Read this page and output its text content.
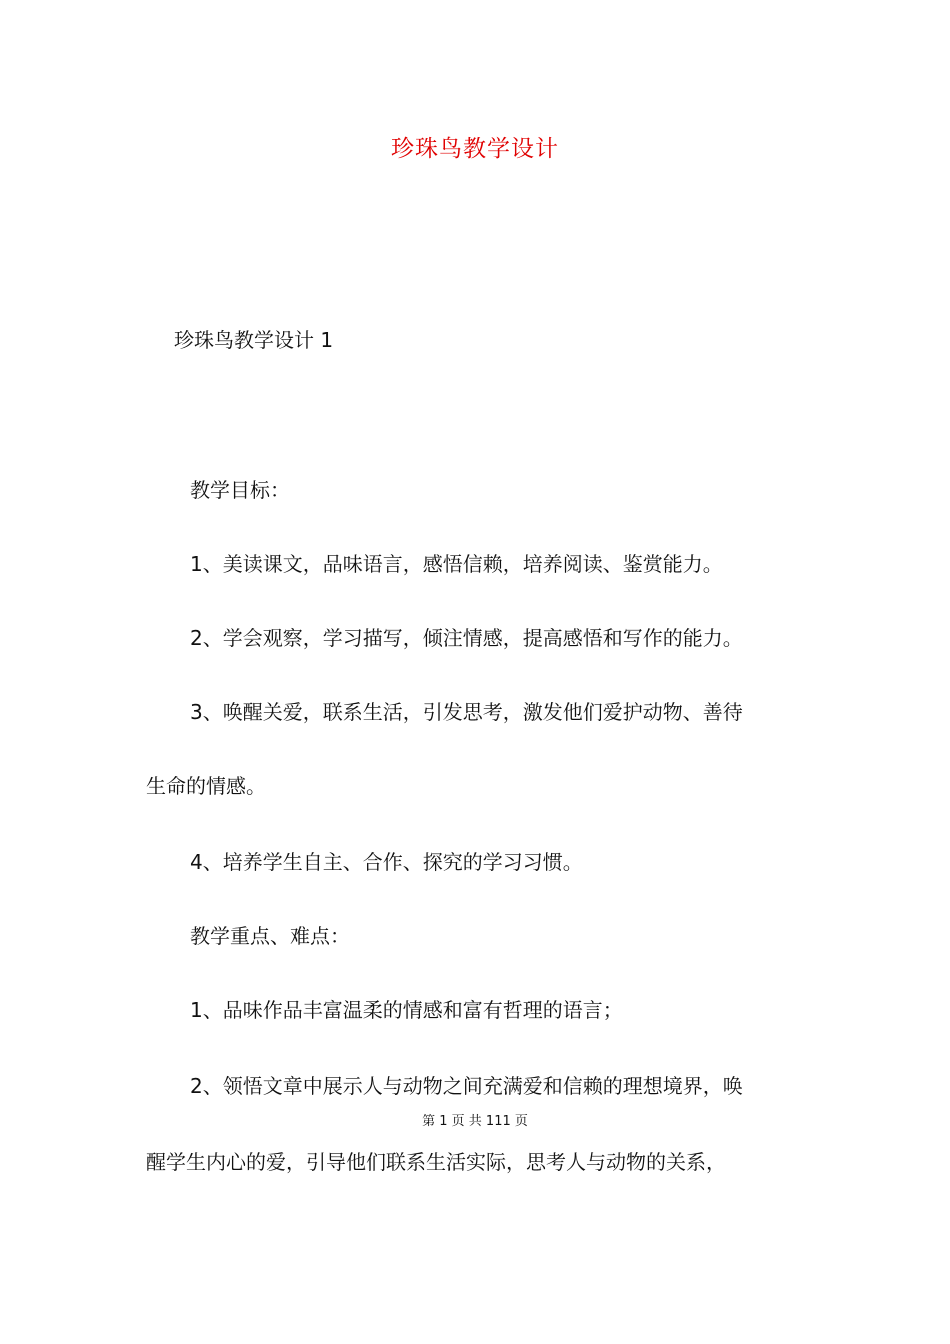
珍珠鸟教学设计
珍珠鸟教学设计 1
教学目标：
1、美读课文，品味语言，感悟信赖，培养阅读、鉴赏能力。
2、学会观察，学习描写，倾注情感，提高感悟和写作的能力。
3、唤醒关爱，联系生活，引发思考，激发他们爱护动物、善待
生命的情感。
4、培养学生自主、合作、探究的学习习惯。
教学重点、难点：
1、品味作品丰富温柔的情感和富有哲理的语言；
2、领悟文章中展示人与动物之间充满爱和信赖的理想境界，唤
第 1 页 共 111 页
醒学生内心的爱，引导他们联系生活实际，思考人与动物的关系，
